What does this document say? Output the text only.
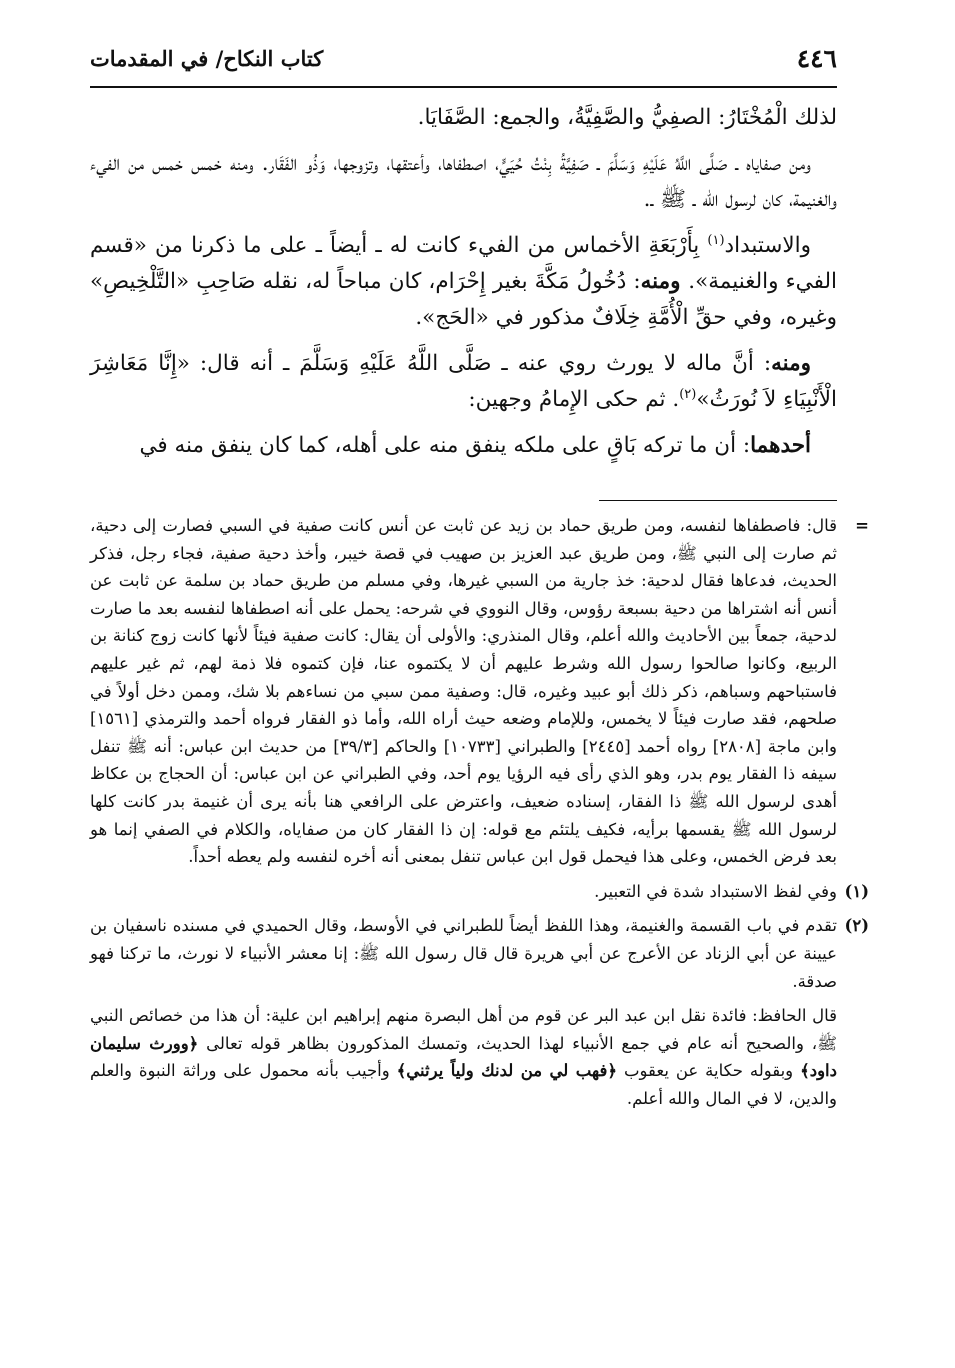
٤٤٦
كتاب النكاح/ في المقدمات

لذلك الْمُخْتَارُ: الصفِيُّ والصَّفِيَّةُ، والجمع: الصَّفَايَا.

ومن صفاياه ـ صَلَّى اللَّهُ عَلَيْهِ وَسَلَّمَ ـ صَفِيَّةُ بِنْتُ حُيَيٍّ، اصطفاها، وأعتقها، وتزوجها، وَذُو الفَقَار. ومنه خمس خمس من الفيء والغنيمة، كان لرسول الله ـ ﷺ ـ.

والاستبداد$^{(١)}$ بِأَرْبَعَةِ الأخماس من الفيء كانت له ـ أيضاً ـ على ما ذكرنا من «قسم الفيء والغنيمة». ومنه: دُخُولُ مَكَّةَ بغير إِحْرَام، كان مباحاً له، نقله صَاحِبِ «التَّلْخِيصِ» وغيره، وفي حقِّ الْأُمَّةِ خِلَافٌ مذكور في «الحَج».

ومنه: أنَّ ماله لا يورث روي عنه ـ صَلَّى اللَّهُ عَلَيْهِ وَسَلَّمَ ـ أنه قال: «إِنَّا مَعَاشِرَ الْأَنْبِيَاءِ لاَ نُورَثُ»$^{(٢)}$. ثم حكى الإِمامُ وجهين:

أحدهما: أن ما تركه بَاقٍ على ملكه ينفق منه على أهله، كما كان ينفق منه في

=
قال: فاصطفاها لنفسه، ومن طريق حماد بن زيد عن ثابت عن أنس كانت صفية في السبي فصارت إلى دحية، ثم صارت إلى النبي ﷺ، ومن طريق عبد العزيز بن صهيب في قصة خيبر، وأخذ دحية صفية، فجاء رجل، فذكر الحديث، فدعاها فقال لدحية: خذ جارية من السبي غيرها، وفي مسلم من طريق حماد بن سلمة عن ثابت عن أنس أنه اشتراها من دحية بسبعة رؤوس، وقال النووي في شرحه: يحمل على أنه اصطفاها لنفسه بعد ما صارت لدحية، جمعاً بين الأحاديث والله أعلم، وقال المنذري: والأولى أن يقال: كانت صفية فيئاً لأنها كانت زوج كنانة بن الربيع، وكانوا صالحوا رسول الله وشرط عليهم أن لا يكتموه عنا، فإن كتموه فلا ذمة لهم، ثم غير عليهم فاستباحهم وسباهم، ذكر ذلك أبو عبيد وغيره، قال: وصفية ممن سبي من نساءهم بلا شك، وممن دخل أولاً في صلحهم، فقد صارت فيئاً لا يخمس، وللإمام وضعه حيث أراه الله، وأما ذو الفقار فرواه أحمد والترمذي [١٥٦١] وابن ماجة [٢٨٠٨] رواه أحمد [٢٤٤٥] والطبراني [١٠٧٣٣] والحاكم [٣٩/٣] من حديث ابن عباس: أنه ﷺ تنفل سيفه ذا الفقار يوم بدر، وهو الذي رأى فيه الرؤيا يوم أحد، وفي الطبراني عن ابن عباس: أن الحجاج بن عكاظ أهدى لرسول الله ﷺ ذا الفقار، إسناده ضعيف، واعترض على الرافعي هنا بأنه يرى أن غنيمة بدر كانت كلها لرسول الله ﷺ يقسمها برأيه، فكيف يلتئم مع قوله: إن ذا الفقار كان من صفاياه، والكلام في الصفي إنما هو بعد فرض الخمس، وعلى هذا فيحمل قول ابن عباس تنفل بمعنى أنه أخره لنفسه ولم يعطه أحداً.
(١)
وفي لفظ الاستبداد شدة في التعبير.
(٢)
تقدم في باب القسمة والغنيمة، وهذا اللفظ أيضاً للطبراني في الأوسط، وقال الحميدي في مسنده ناسفيان بن عيينة عن أبي الزناد عن الأعرج عن أبي هريرة قال قال رسول الله ﷺ: إنا معشر الأنبياء لا نورث، ما تركنا فهو صدقة.
قال الحافظ: فائدة نقل ابن عبد البر عن قوم من أهل البصرة منهم إبراهيم ابن علية: أن هذا من خصائص النبي ﷺ، والصحيح أنه عام في جمع الأنبياء لهذا الحديث، وتمسك المذكورون بظاهر قوله تعالى ﴿وورث سليمان داود﴾ وبقوله حكاية عن يعقوب ﴿فهب لي من لدنك ولياً يرثني﴾ وأجيب بأنه محمول على وراثة النبوة والعلم والدين، لا في المال والله أعلم.
